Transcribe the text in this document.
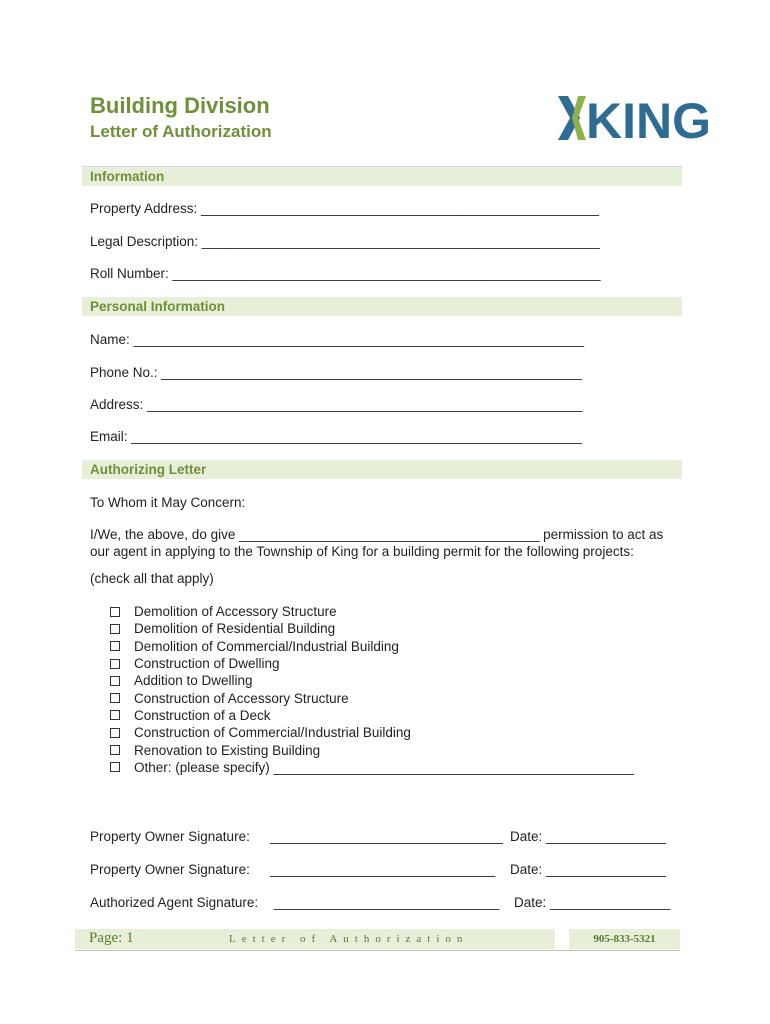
Building Division
Letter of Authorization	KING
Information
Property Address: _____________________________________________________
Legal Description: _____________________________________________________
Roll Number: _________________________________________________________
Personal Information
Name: ____________________________________________________________
Phone No.: ________________________________________________________
Address: __________________________________________________________
Email: ____________________________________________________________
Authorizing Letter
To Whom it May Concern:
I/We, the above, do give ________________________________________ permission to act as
our agent in applying to the Township of King for a building permit for the following projects:
(check all that apply)
Demolition of Accessory Structure
Demolition of Residential Building
Demolition of Commercial/Industrial Building
Construction of Dwelling
Addition to Dwelling
Construction of Accessory Structure
Construction of a Deck
Construction of Commercial/Industrial Building
Renovation to Existing Building
Other: (please specify) ________________________________________________
Property Owner Signature: _______________________________ Date: ________________
Property Owner Signature: ______________________________ Date: ________________
Authorized Agent Signature: ______________________________ Date: ________________
Page: 1	Letter of Authorization	905-833-5321
